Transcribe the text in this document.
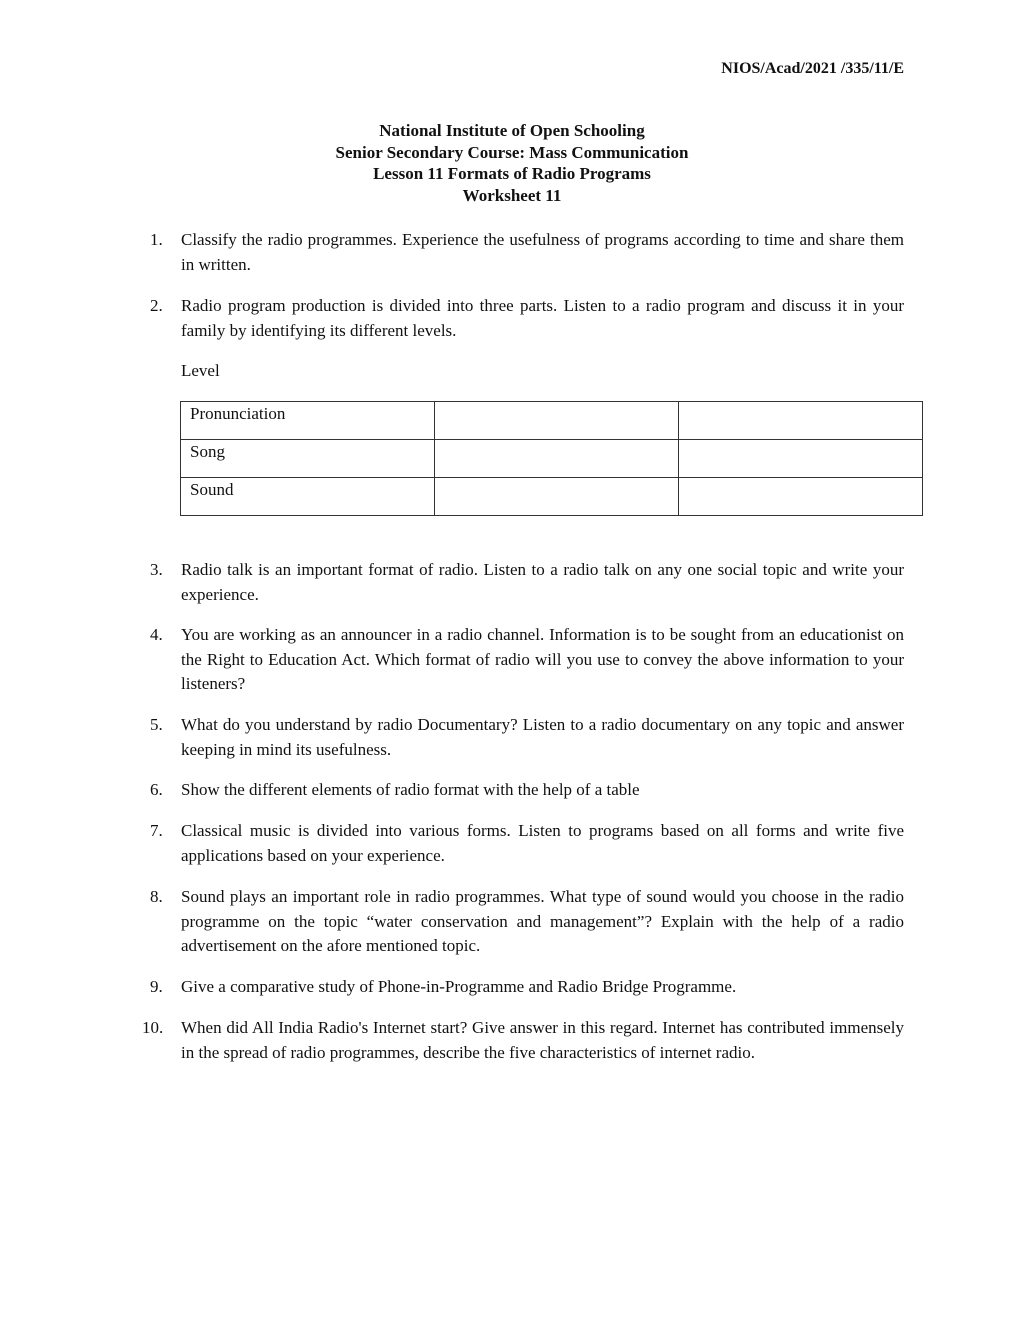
NIOS/Acad/2021 /335/11/E
National Institute of Open Schooling
Senior Secondary Course: Mass Communication
Lesson 11 Formats of Radio Programs
Worksheet 11
1. Classify the radio programmes. Experience the usefulness of programs according to time and share them in written.
2. Radio program production is divided into three parts. Listen to a radio program and discuss it in your family by identifying its different levels.
3. Radio talk is an important format of radio. Listen to a radio talk on any one social topic and write your experience.
4. You are working as an announcer in a radio channel. Information is to be sought from an educationist on the Right to Education Act. Which format of radio will you use to convey the above information to your listeners?
5. What do you understand by radio Documentary? Listen to a radio documentary on any topic and answer keeping in mind its usefulness.
6. Show the different elements of radio format with the help of a table
7. Classical music is divided into various forms. Listen to programs based on all forms and write five applications based on your experience.
8. Sound plays an important role in radio programmes. What type of sound would you choose in the radio programme on the topic “water conservation and management”? Explain with the help of a radio advertisement on the afore mentioned topic.
9. Give a comparative study of Phone-in-Programme and Radio Bridge Programme.
10. When did All India Radio's Internet start? Give answer in this regard. Internet has contributed immensely in the spread of radio programmes, describe the five characteristics of internet radio.
Level
Pronunciation		
Song		
Sound		
